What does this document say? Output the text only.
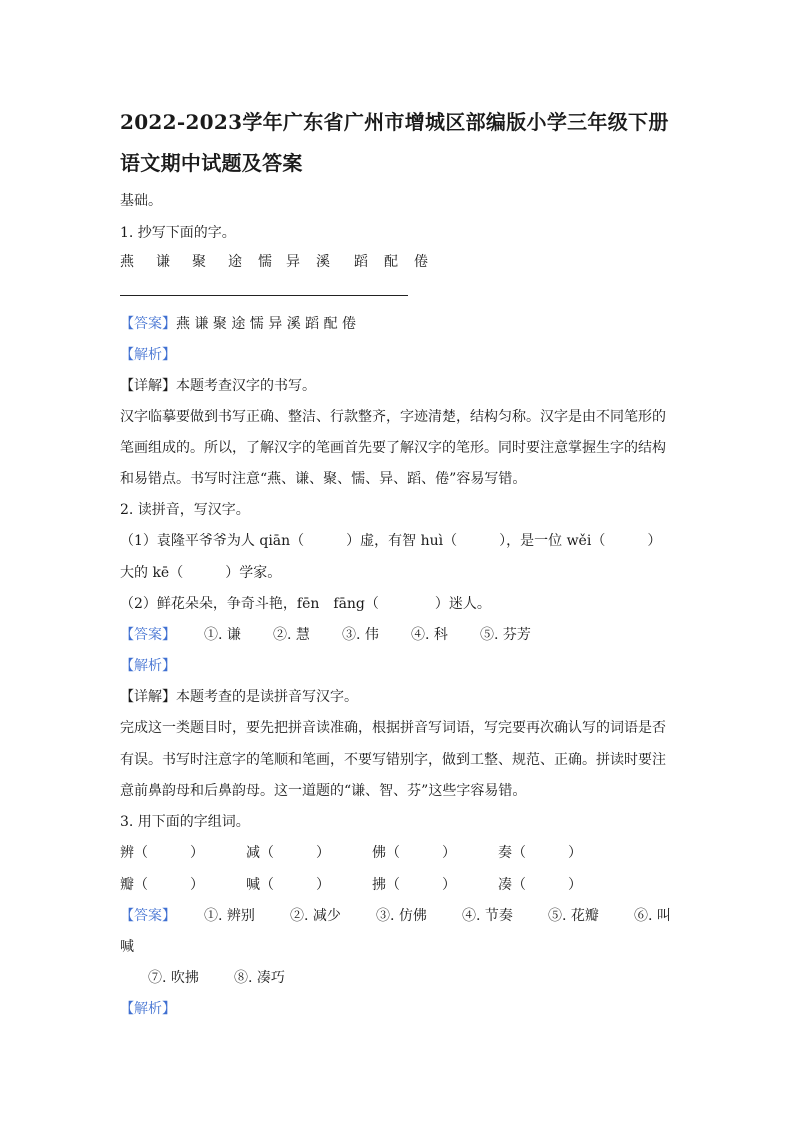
2022-2023学年广东省广州市增城区部编版小学三年级下册
语文期中试题及答案
基础。
1. 抄写下面的字。
燕 谦 聚 途 懦 异 溪 蹈 配 倦
【答案】燕 谦 聚 途 懦 异 溪 蹈 配 倦
【解析】
【详解】本题考查汉字的书写。
汉字临摹要做到书写正确、整洁、行款整齐，字迹清楚，结构匀称。汉字是由不同笔形的
笔画组成的。所以，了解汉字的笔画首先要了解汉字的笔形。同时要注意掌握生字的结构
和易错点。书写时注意“燕、谦、聚、懦、异、蹈、倦”容易写错。
2. 读拼音，写汉字。
（1）袁隆平爷爷为人 qiān（　　　）虚，有智 huì（　　　），是一位 wěi（　　　）
大的 kē（　　　）学家。
（2）鲜花朵朵，争奇斗艳，fēn　fāng（　　　　）迷人。
【答案】 ①. 谦 ②. 慧 ③. 伟 ④. 科 ⑤. 芬芳
【解析】
【详解】本题考查的是读拼音写汉字。
完成这一类题目时，要先把拼音读准确，根据拼音写词语，写完要再次确认写的词语是否
有误。书写时注意字的笔顺和笔画，不要写错别字，做到工整、规范、正确。拼读时要注
意前鼻韵母和后鼻韵母。这一道题的“谦、智、芬”这些字容易错。
3. 用下面的字组词。
辨（　　　）	减（　　　）	佛（　　　）	奏（　　　）
瓣（　　　）	喊（　　　）	拂（　　　）	凑（　　　）
【答案】 ①. 辨别	②. 减少	③. 仿佛	④. 节奏	⑤. 花瓣	⑥. 叫
喊
⑦. 吹拂	⑧. 凑巧
【解析】
